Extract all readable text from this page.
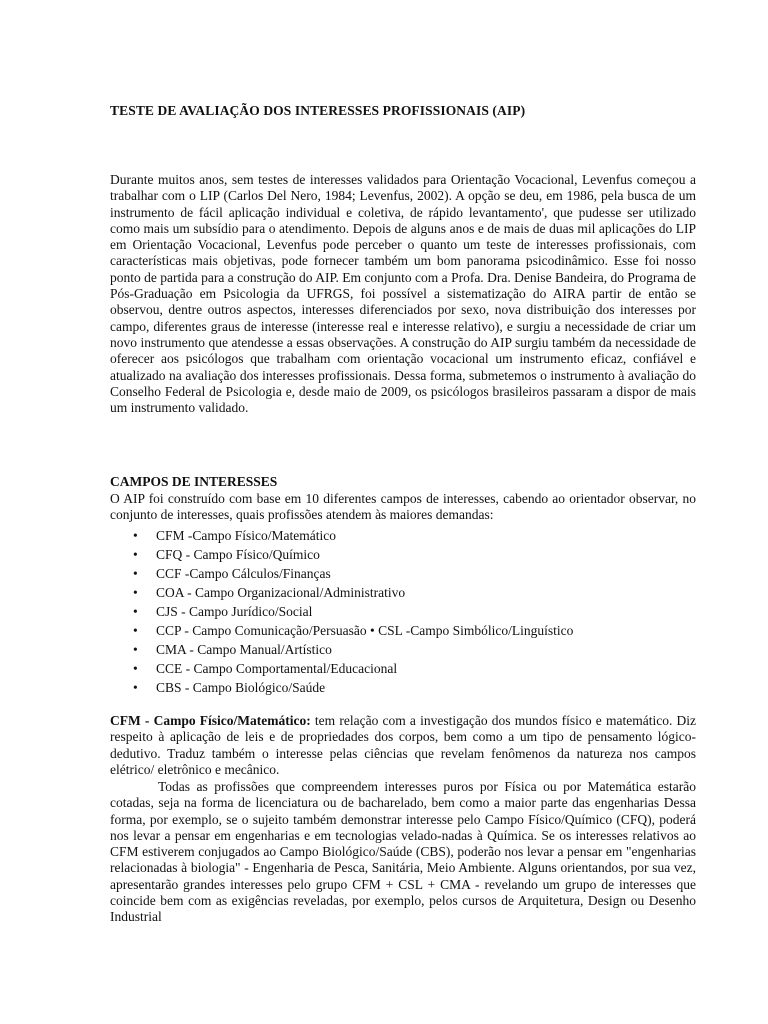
TESTE DE AVALIAÇÃO DOS INTERESSES PROFISSIONAIS (AIP)

Durante muitos anos, sem testes de interesses validados para Orientação Vocacional, Levenfus começou a trabalhar com o LIP (Carlos Del Nero, 1984; Levenfus, 2002). A opção se deu, em 1986, pela busca de um instrumento de fácil aplicação individual e coletiva, de rápido levantamento', que pudesse ser utilizado como mais um subsídio para o atendimento. Depois de alguns anos e de mais de duas mil aplicações do LIP em Orientação Vocacional, Levenfus pode perceber o quanto um teste de interesses profissionais, com características mais objetivas, pode fornecer também um bom panorama psicodinâmico. Esse foi nosso ponto de partida para a construção do AIP. Em conjunto com a Profa. Dra. Denise Bandeira, do Programa de Pós-Graduação em Psicologia da UFRGS, foi possível a sistematização do AIRA partir de então se observou, dentre outros aspectos, interesses diferenciados por sexo, nova distribuição dos interesses por campo, diferentes graus de interesse (interesse real e interesse relativo), e surgiu a necessidade de criar um novo instrumento que atendesse a essas observações. A construção do AIP surgiu também da necessidade de oferecer aos psicólogos que trabalham com orientação vocacional um instrumento eficaz, confiável e atualizado na avaliação dos interesses profissionais. Dessa forma, submetemos o instrumento à avaliação do Conselho Federal de Psicologia e, desde maio de 2009, os psicólogos brasileiros passaram a dispor de mais um instrumento validado.

CAMPOS DE INTERESSES

O AIP foi construído com base em 10 diferentes campos de interesses, cabendo ao orientador observar, no conjunto de interesses, quais profissões atendem às maiores demandas:

• CFM -Campo Físico/Matemático
• CFQ - Campo Físico/Químico
• CCF -Campo Cálculos/Finanças
• COA - Campo Organizacional/Administrativo
• CJS - Campo Jurídico/Social
• CCP - Campo Comunicação/Persuasão • CSL -Campo Simbólico/Linguístico
• CMA - Campo Manual/Artístico
• CCE - Campo Comportamental/Educacional
• CBS - Campo Biológico/Saúde

CFM - Campo Físico/Matemático: tem relação com a investigação dos mundos físico e matemático. Diz respeito à aplicação de leis e de propriedades dos corpos, bem como a um tipo de pensamento lógico-dedutivo. Traduz também o interesse pelas ciências que revelam fenômenos da natureza nos campos elétrico/ eletrônico e mecânico.

Todas as profissões que compreendem interesses puros por Física ou por Matemática estarão cotadas, seja na forma de licenciatura ou de bacharelado, bem como a maior parte das engenharias Dessa forma, por exemplo, se o sujeito também demonstrar interesse pelo Campo Físico/Químico (CFQ), poderá nos levar a pensar em engenharias e em tecnologias velado-nadas à Química. Se os interesses relativos ao CFM estiverem conjugados ao Campo Biológico/Saúde (CBS), poderão nos levar a pensar em "engenharias relacionadas à biologia" - Engenharia de Pesca, Sanitária, Meio Ambiente. Alguns orientandos, por sua vez, apresentarão grandes interesses pelo grupo CFM + CSL + CMA - revelando um grupo de interesses que coincide bem com as exigências reveladas, por exemplo, pelos cursos de Arquitetura, Design ou Desenho Industrial
